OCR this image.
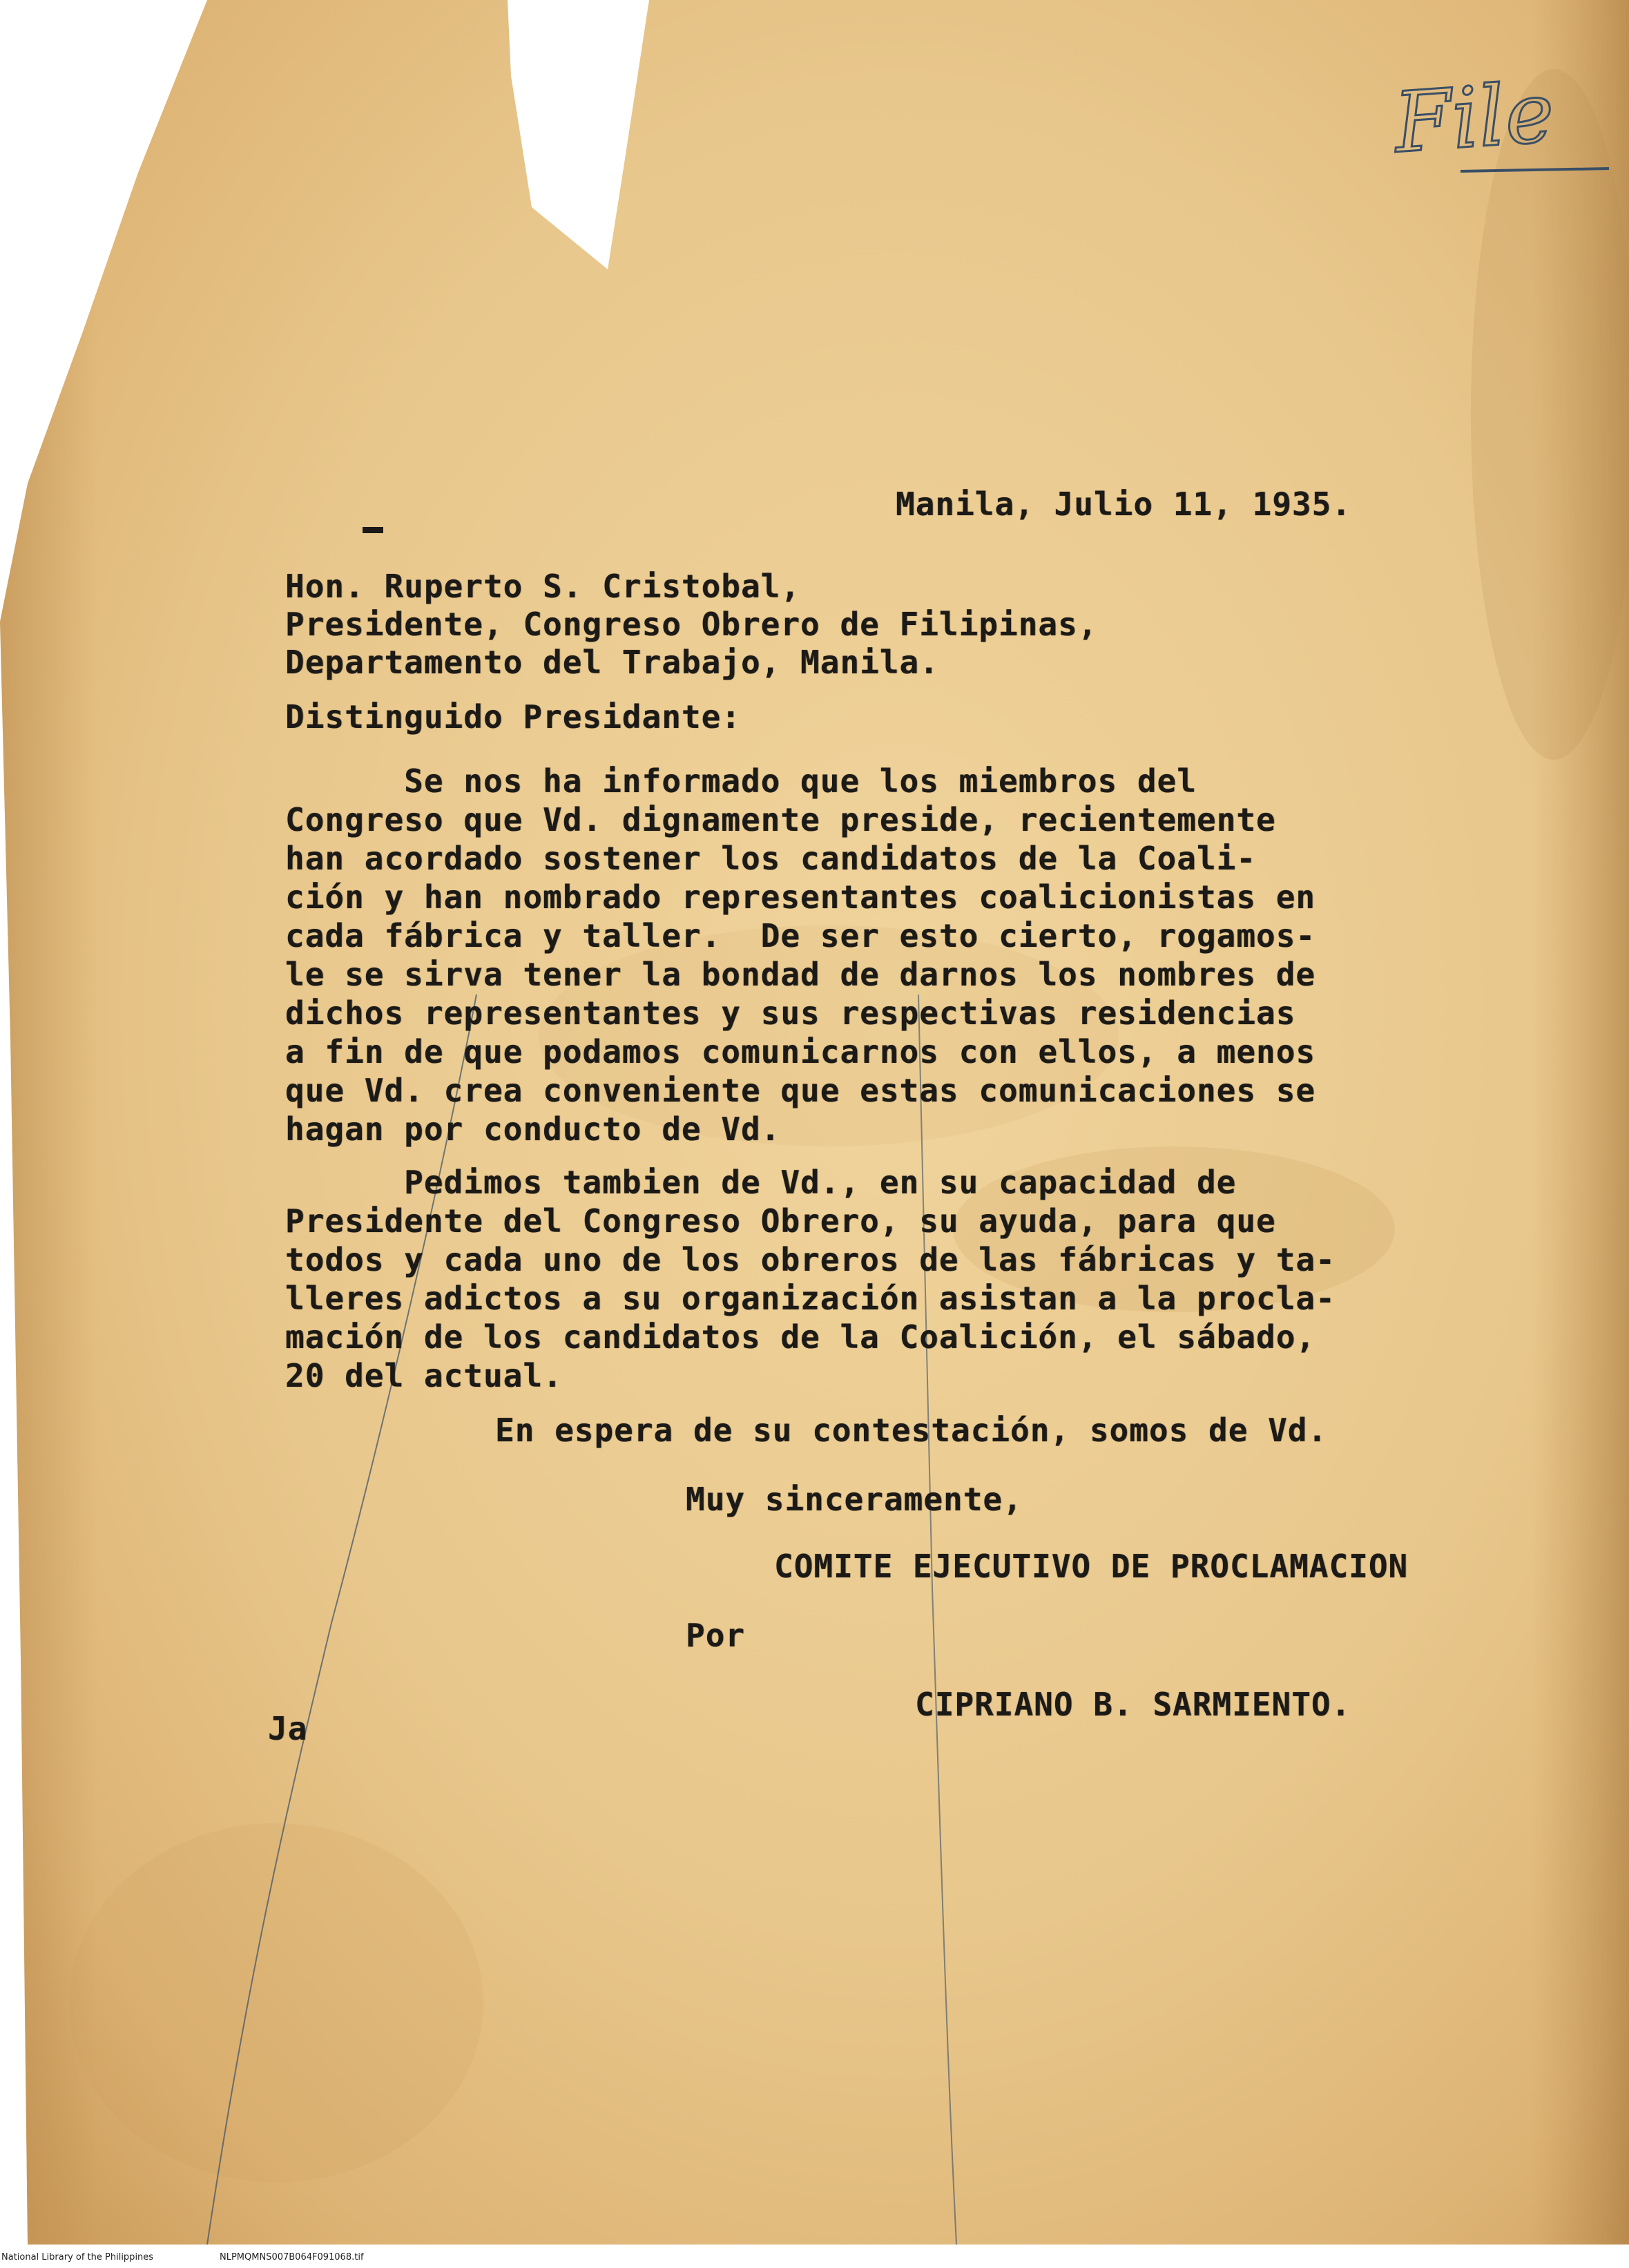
File
Manila, Julio 11, 1935.
Hon. Ruperto S. Cristobal,
Presidente, Congreso Obrero de Filipinas,
Departamento del Trabajo, Manila.
Distinguido Presidante:
Se nos ha informado que los miembros del
Congreso que Vd. dignamente preside, recientemente
han acordado sostener los candidatos de la Coali-
ción y han nombrado representantes coalicionistas en
cada fábrica y taller.  De ser esto cierto, rogamos-
le se sirva tener la bondad de darnos los nombres de
dichos representantes y sus respectivas residencias
a fin de que podamos comunicarnos con ellos, a menos
que Vd. crea conveniente que estas comunicaciones se
hagan por conducto de Vd.
Pedimos tambien de Vd., en su capacidad de
Presidente del Congreso Obrero, su ayuda, para que
todos y cada uno de los obreros de las fábricas y ta-
lleres adictos a su organización asistan a la procla-
mación de los candidatos de la Coalición, el sábado,
20 del actual.
En espera de su contestación, somos de Vd.
Muy sinceramente,
COMITE EJECUTIVO DE PROCLAMACION
Por
CIPRIANO B. SARMIENTO.
Ja
National Library of the Philippines	NLPMQMNS007B064F091068.tif
